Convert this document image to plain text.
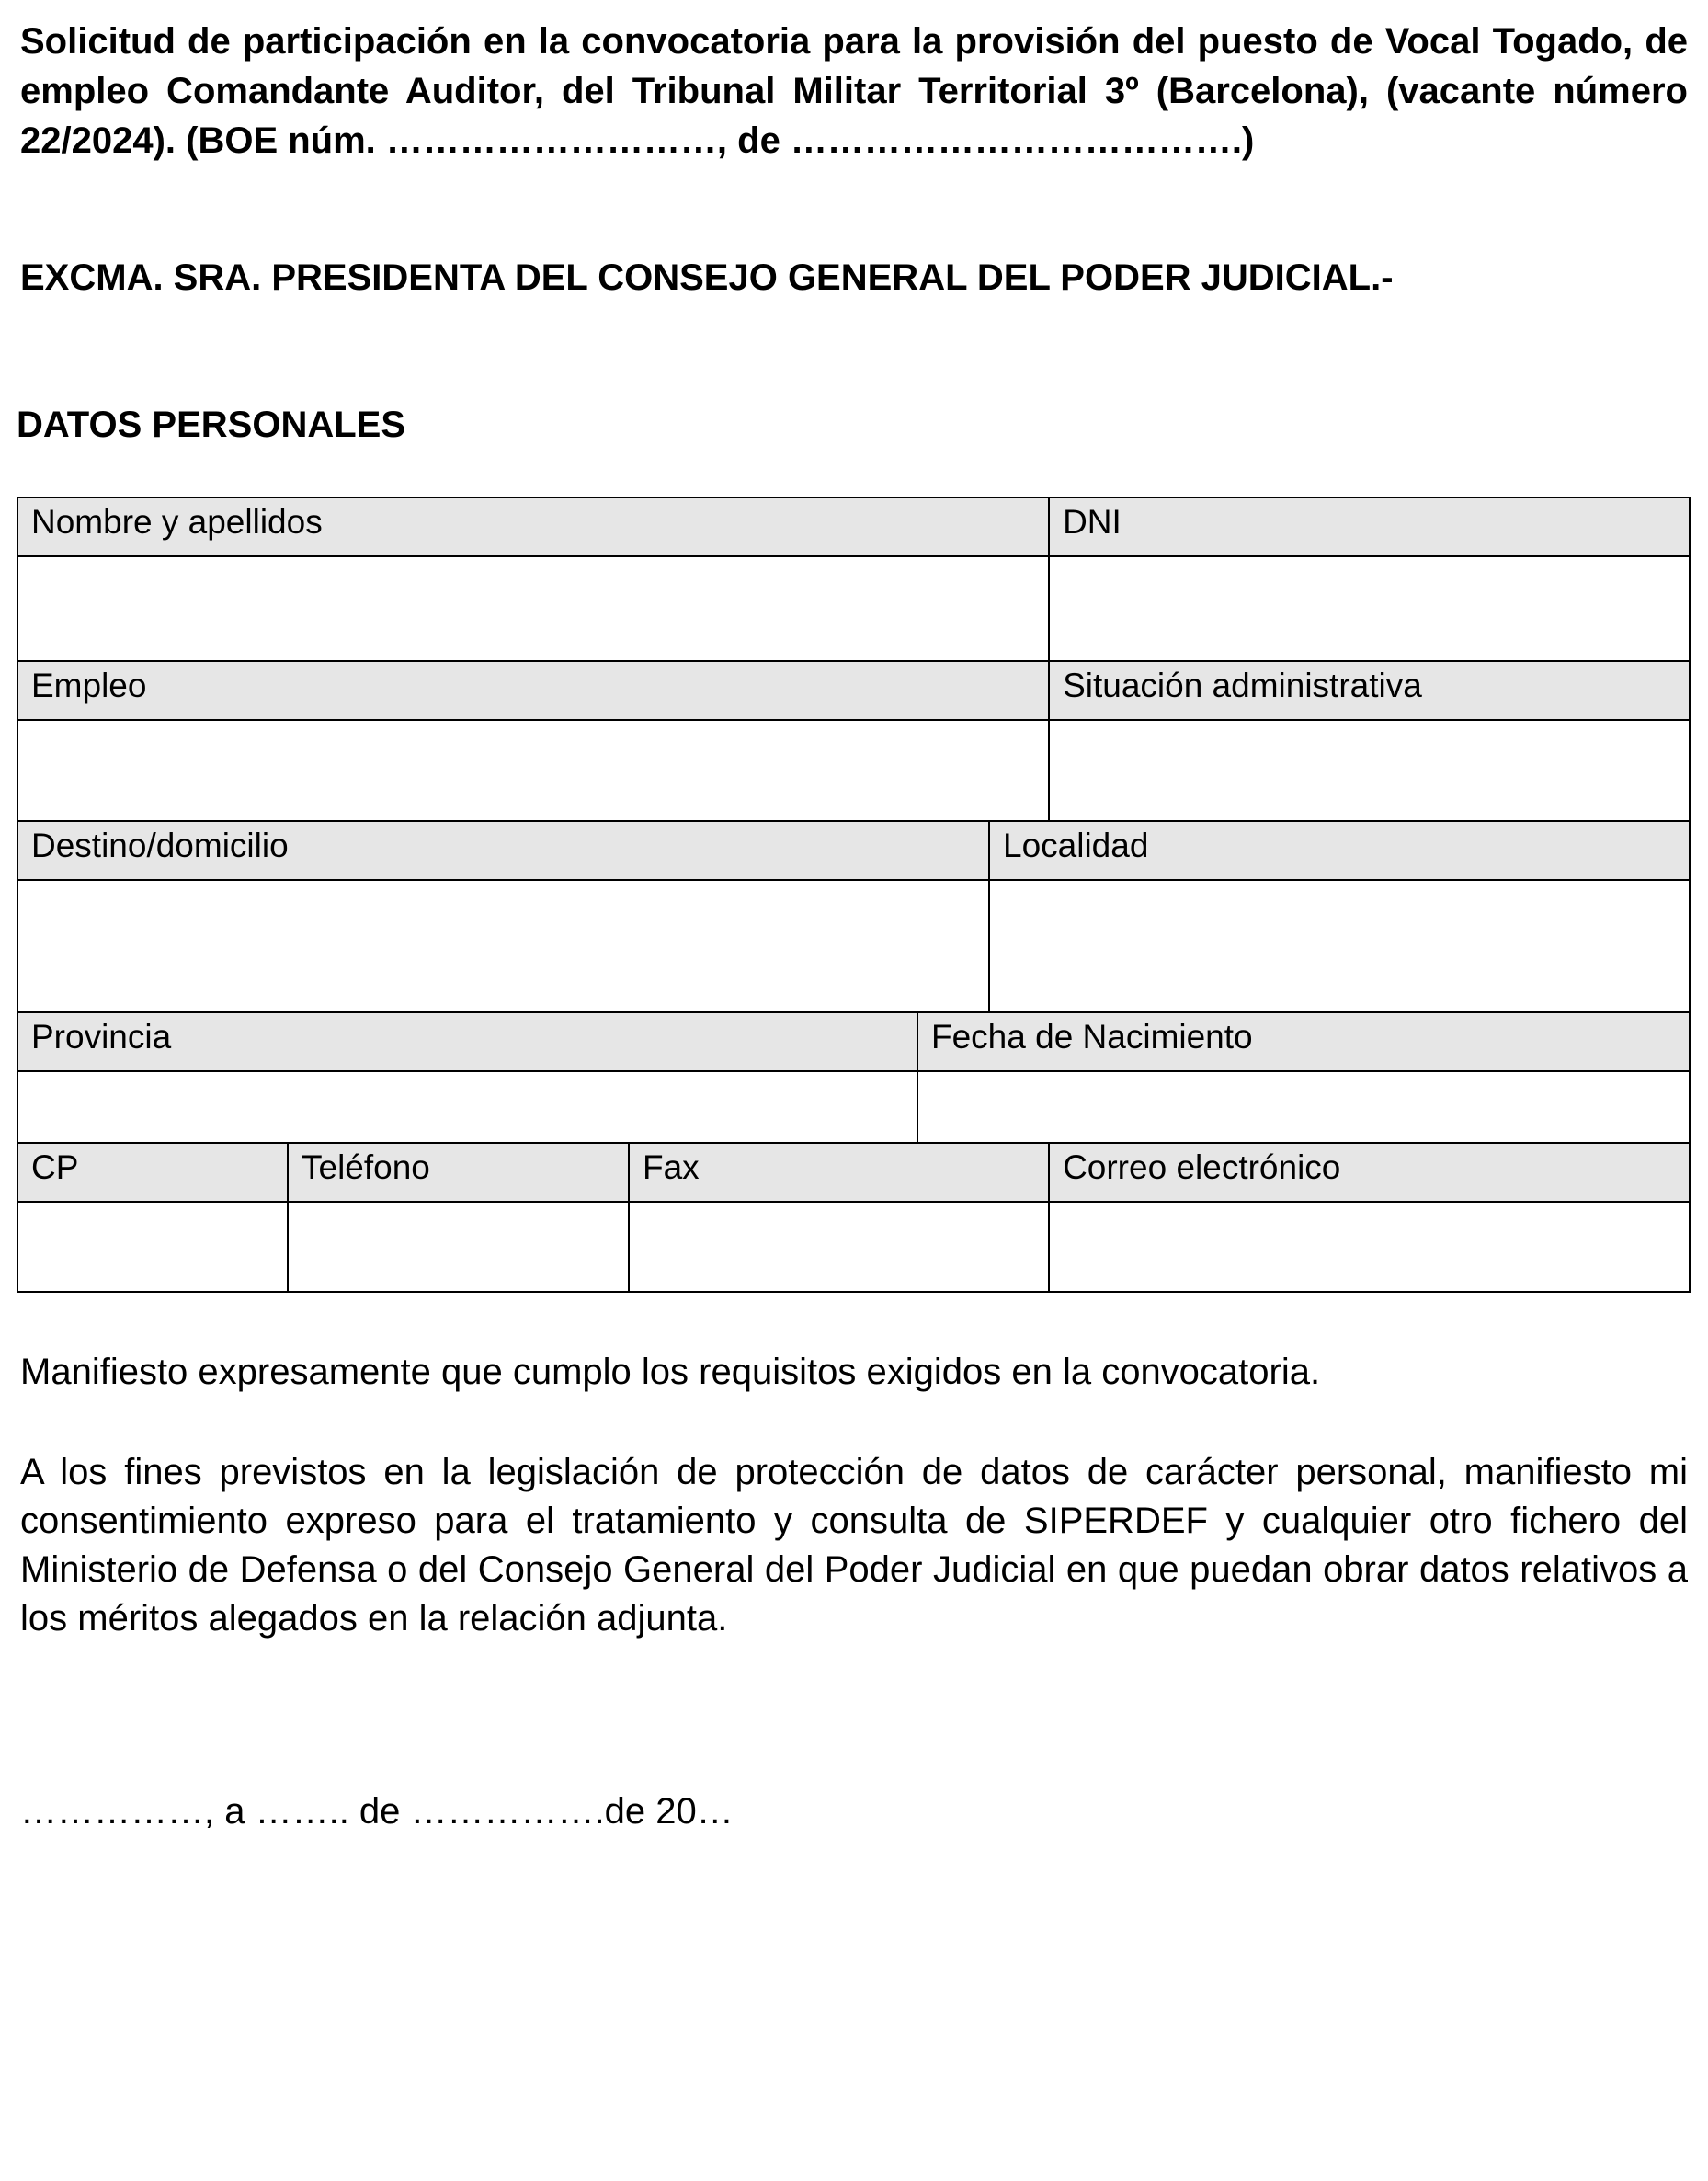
Solicitud de participación en la convocatoria para la provisión del puesto de Vocal Togado, de empleo Comandante Auditor, del Tribunal Militar Territorial 3º (Barcelona), (vacante número 22/2024). (BOE núm. ………………………, de ……………………………….)

EXCMA. SRA. PRESIDENTA DEL CONSEJO GENERAL DEL PODER JUDICIAL.-

DATOS PERSONALES

Nombre y apellidos					DNI

Empleo					Situación administrativa

Destino/domicilio				Localidad	

Provincia			Fecha de Nacimiento		

CP	Teléfono	Fax			Correo electrónico

Manifiesto expresamente que cumplo los requisitos exigidos en la convocatoria.

A los fines previstos en la legislación de protección de datos de carácter personal, manifiesto mi consentimiento expreso para el tratamiento y consulta de SIPERDEF y cualquier otro fichero del Ministerio de Defensa o del Consejo General del Poder Judicial en que puedan obrar datos relativos a los méritos alegados en la relación adjunta.

……………, a …….. de …………….de 20…
